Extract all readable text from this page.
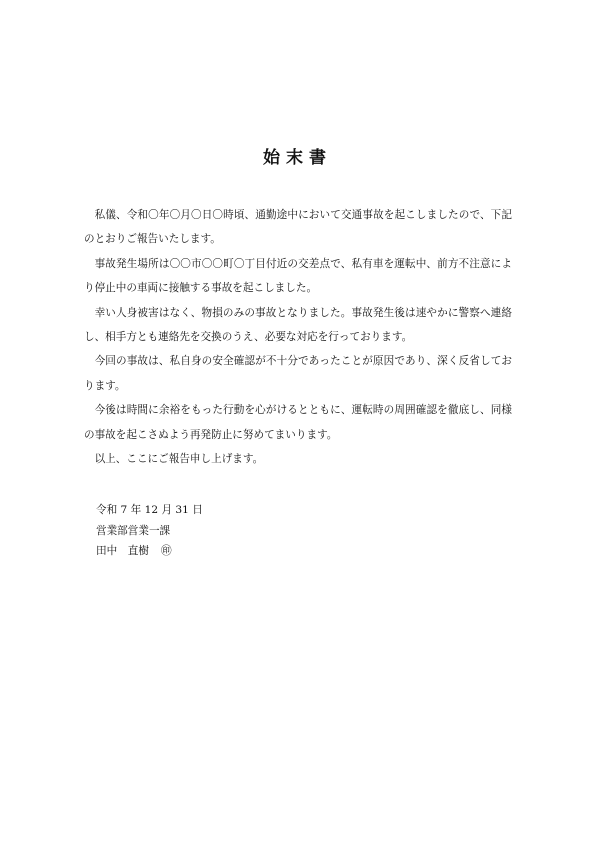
始末書

私儀、令和〇年〇月〇日〇時頃、通勤途中において交通事故を起こしましたので、下記のとおりご報告いたします。

事故発生場所は〇〇市〇〇町〇丁目付近の交差点で、私有車を運転中、前方不注意により停止中の車両に接触する事故を起こしました。

幸い人身被害はなく、物損のみの事故となりました。事故発生後は速やかに警察へ連絡し、相手方とも連絡先を交換のうえ、必要な対応を行っております。

今回の事故は、私自身の安全確認が不十分であったことが原因であり、深く反省しております。

今後は時間に余裕をもった行動を心がけるとともに、運転時の周囲確認を徹底し、同様の事故を起こさぬよう再発防止に努めてまいります。

以上、ここにご報告申し上げます。

令和 7 年 12 月 31 日
営業部営業一課
田中　直樹 ㊞
